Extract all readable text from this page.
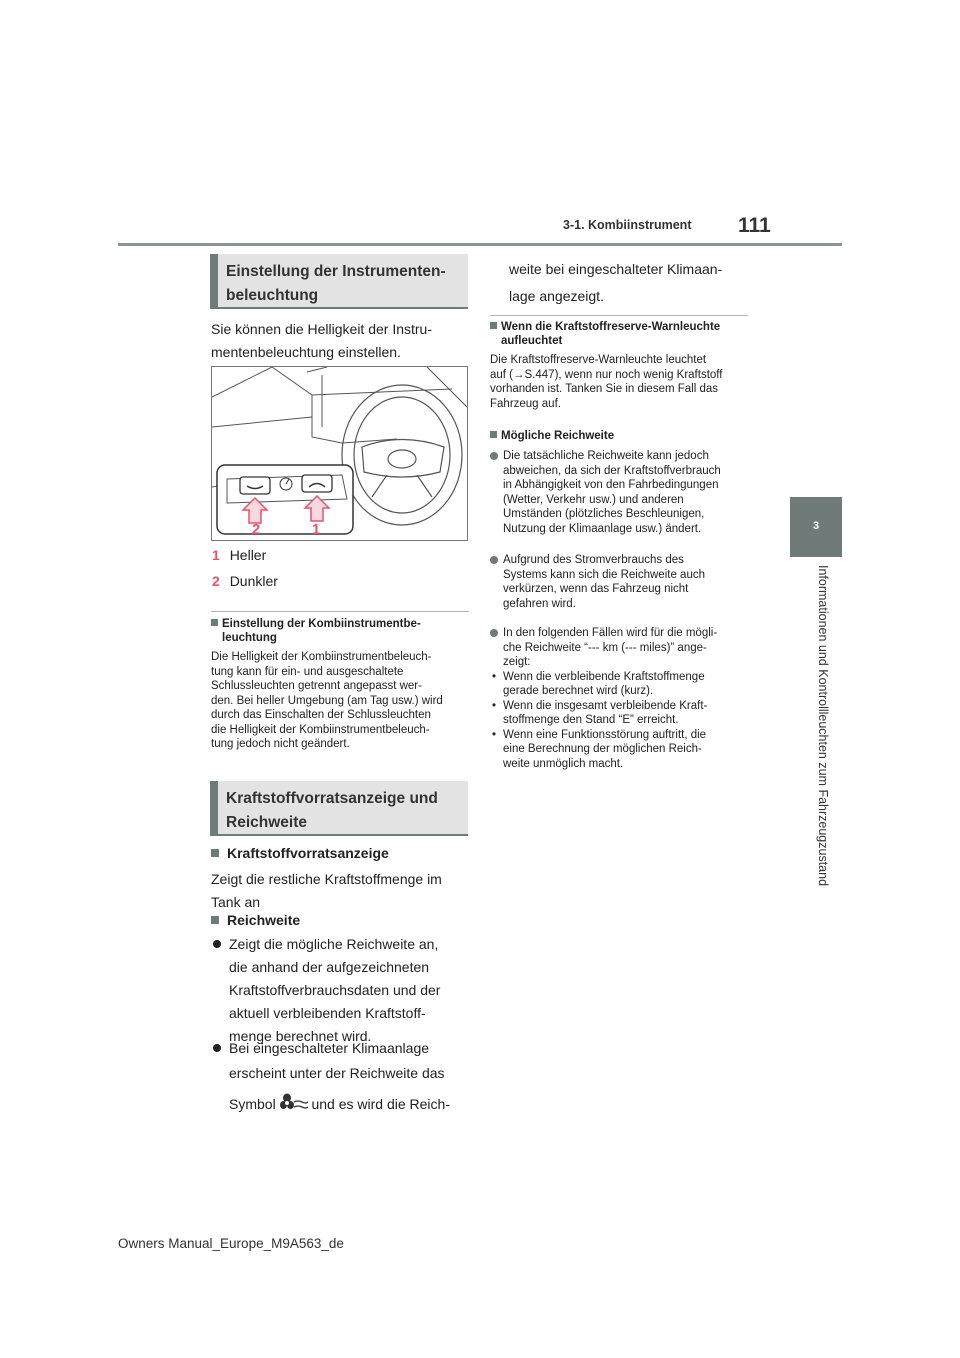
3-1. Kombiinstrument 111
3
Informationen und Kontrollleuchten zum Fahrzeugzustand
Einstellung der Instrumenten-
beleuchtung
Sie können die Helligkeit der Instru-
mentenbeleuchtung einstellen.
2	1
1 Heller
2 Dunkler
Einstellung der Kombiinstrumentbe-
leuchtung
Die Helligkeit der Kombiinstrumentbeleuch-
tung kann für ein- und ausgeschaltete
Schlussleuchten getrennt angepasst wer-
den. Bei heller Umgebung (am Tag usw.) wird
durch das Einschalten der Schlussleuchten
die Helligkeit der Kombiinstrumentbeleuch-
tung jedoch nicht geändert.
Kraftstoffvorratsanzeige und
Reichweite
Kraftstoffvorratsanzeige
Zeigt die restliche Kraftstoffmenge im
Tank an
Reichweite
Zeigt die mögliche Reichweite an,
die anhand der aufgezeichneten
Kraftstoffverbrauchsdaten und der
aktuell verbleibenden Kraftstoff-
menge berechnet wird.
Bei eingeschalteter Klimaanlage
erscheint unter der Reichweite das
Symbol	und es wird die Reich-
weite bei eingeschalteter Klimaan-
lage angezeigt.
Wenn die Kraftstoffreserve-Warnleuchte
aufleuchtet
Die Kraftstoffreserve-Warnleuchte leuchtet
auf (→S.447), wenn nur noch wenig Kraftstoff
vorhanden ist. Tanken Sie in diesem Fall das
Fahrzeug auf.
Mögliche Reichweite
Die tatsächliche Reichweite kann jedoch
abweichen, da sich der Kraftstoffverbrauch
in Abhängigkeit von den Fahrbedingungen
(Wetter, Verkehr usw.) und anderen
Umständen (plötzliches Beschleunigen,
Nutzung der Klimaanlage usw.) ändert.
Aufgrund des Stromverbrauchs des
Systems kann sich die Reichweite auch
verkürzen, wenn das Fahrzeug nicht
gefahren wird.
In den folgenden Fällen wird für die mögli-
che Reichweite “--- km (--- miles)” ange-
zeigt:
• Wenn die verbleibende Kraftstoffmenge
gerade berechnet wird (kurz).
• Wenn die insgesamt verbleibende Kraft-
stoffmenge den Stand “E” erreicht.
• Wenn eine Funktionsstörung auftritt, die
eine Berechnung der möglichen Reich-
weite unmöglich macht.
Owners Manual_Europe_M9A563_de
